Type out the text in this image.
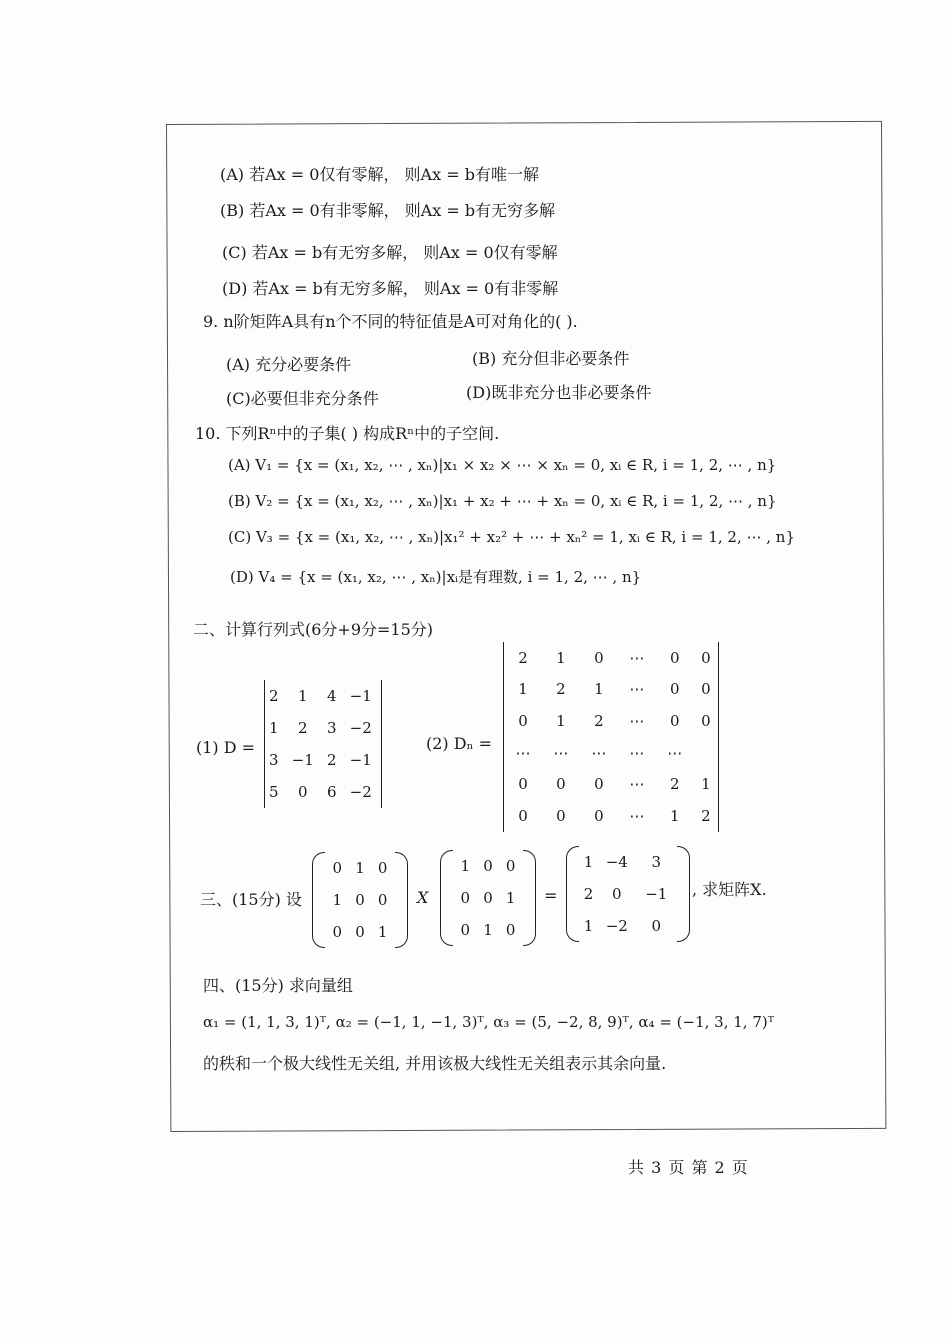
(A) 若Ax = 0仅有零解， 则Ax = b有唯一解
(B) 若Ax = 0有非零解， 则Ax = b有无穷多解
(C) 若Ax = b有无穷多解， 则Ax = 0仅有零解
(D) 若Ax = b有无穷多解， 则Ax = 0有非零解
9. n阶矩阵A具有n个不同的特征值是A可对角化的( ).
(A) 充分必要条件	(B) 充分但非必要条件
(C)必要但非充分条件	(D)既非充分也非必要条件
10. 下列Rⁿ中的子集( ) 构成Rⁿ中的子空间.
(A) V₁ = {x = (x₁, x₂, ⋯ , xₙ)|x₁ × x₂ × ⋯ × xₙ = 0, xᵢ ∈ R, i = 1, 2, ⋯ , n}
(B) V₂ = {x = (x₁, x₂, ⋯ , xₙ)|x₁ + x₂ + ⋯ + xₙ = 0, xᵢ ∈ R, i = 1, 2, ⋯ , n}
(C) V₃ = {x = (x₁, x₂, ⋯ , xₙ)|x₁² + x₂² + ⋯ + xₙ² = 1, xᵢ ∈ R, i = 1, 2, ⋯ , n}
(D) V₄ = {x = (x₁, x₂, ⋯ , xₙ)|xᵢ是有理数, i = 1, 2, ⋯ , n}
二、计算行列式(6分+9分=15分)
(1) D =
2	1	4	−1
1	2	3	−2
3	−1	2	−1
5	0	6	−2
(2) Dₙ =
2	1	0	⋯	0	0
1	2	1	⋯	0	0
0	1	2	⋯	0	0
⋯	⋯	⋯	⋯	⋯	
0	0	0	⋯	2	1
0	0	0	⋯	1	2
三、(15分) 设
0	1	0
1	0	0
0	0	1
X
1	0	0
0	0	1
0	1	0
=
1	−4	3
2	0	−1
1	−2	0
, 求矩阵X.
四、(15分) 求向量组
α₁ = (1, 1, 3, 1)ᵀ, α₂ = (−1, 1, −1, 3)ᵀ, α₃ = (5, −2, 8, 9)ᵀ, α₄ = (−1, 3, 1, 7)ᵀ
的秩和一个极大线性无关组, 并用该极大线性无关组表示其余向量.
共 3 页 第 2 页
